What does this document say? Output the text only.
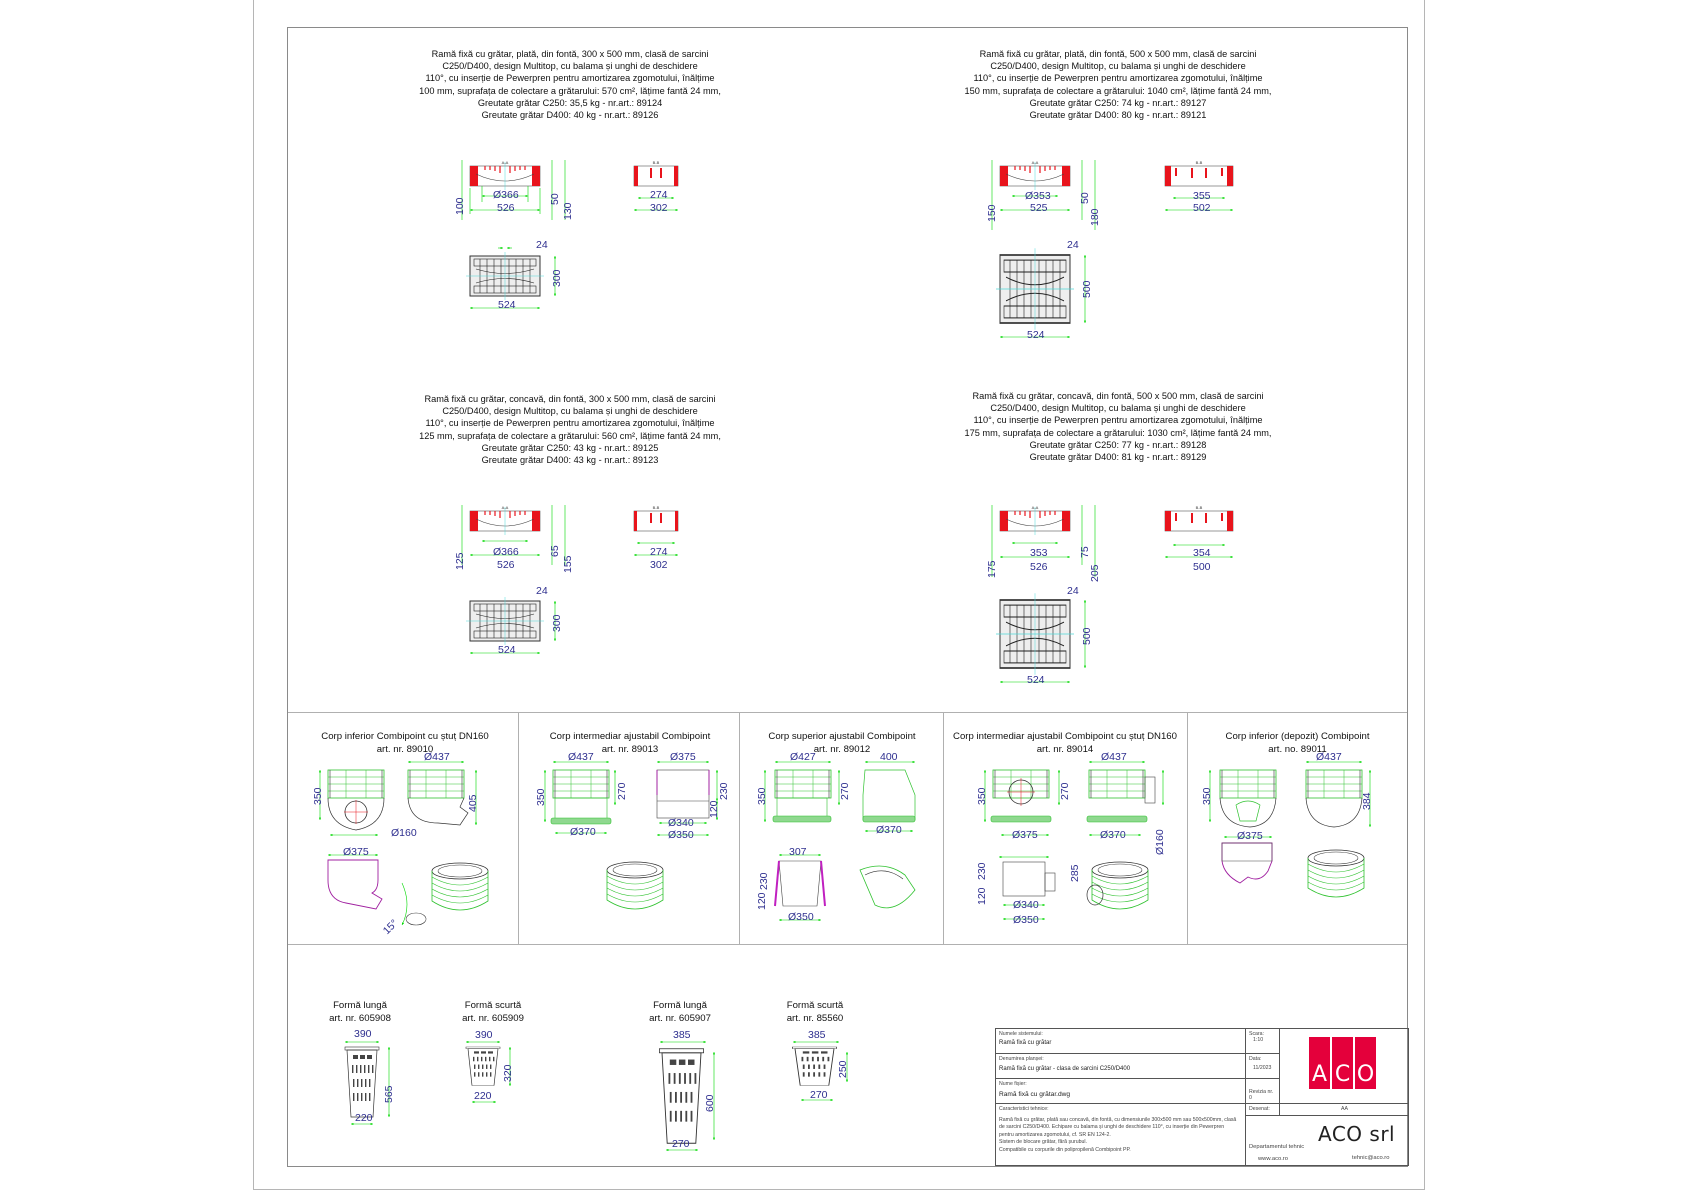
Ramă fixă cu grătar, plată, din fontă, 300 x 500 mm, clasă de sarcini
C250/D400, design Multitop, cu balama și unghi de deschidere
110°, cu inserție de Pewerpren pentru amortizarea zgomotului, înălțime
100 mm, suprafața de colectare a grătarului: 570 cm², lățime fantă 24 mm,
Greutate grătar C250: 35,5 kg - nr.art.: 89124
Greutate grătar D400: 40 kg - nr.art.: 89126
Ramă fixă cu grătar, plată, din fontă, 500 x 500 mm, clasă de sarcini
C250/D400, design Multitop, cu balama și unghi de deschidere
110°, cu inserție de Pewerpren pentru amortizarea zgomotului, înălțime
150 mm, suprafața de colectare a grătarului: 1040 cm², lățime fantă 24 mm,
Greutate grătar C250: 74 kg - nr.art.: 89127
Greutate grătar D400: 80 kg - nr.art.: 89121
Ramă fixă cu grătar, concavă, din fontă, 300 x 500 mm, clasă de sarcini
C250/D400, design Multitop, cu balama și unghi de deschidere
110°, cu inserție de Pewerpren pentru amortizarea zgomotului, înălțime
125 mm, suprafața de colectare a grătarului: 560 cm², lățime fantă 24 mm,
Greutate grătar C250: 43 kg - nr.art.: 89125
Greutate grătar D400: 43 kg - nr.art.: 89123
Ramă fixă cu grătar, concavă, din fontă, 500 x 500 mm, clasă de sarcini
C250/D400, design Multitop, cu balama și unghi de deschidere
110°, cu inserție de Pewerpren pentru amortizarea zgomotului, înălțime
175 mm, suprafața de colectare a grătarului: 1030 cm², lățime fantă 24 mm,
Greutate grătar C250: 77 kg - nr.art.: 89128
Greutate grătar D400: 81 kg - nr.art.: 89129
A-A
Ø366
526
100	50
130
B-B
274
302
24
300
524
A-A
Ø353
525
150
50
180
B-B
355
502
24
500
524
A-A
Ø366
526
125
65
155
B-B
274
302
24
300
524
A-A
353
526
175
75
205
B-B
354
500
24
500
524
Corp inferior Combipoint cu ștuț DN160
art. nr. 89010
Corp intermediar ajustabil Combipoint
art. nr. 89013
Corp superior ajustabil Combipoint
art. nr. 89012
Corp intermediar ajustabil Combipoint cu ștuț DN160
art. nr. 89014
Corp inferior (depozit) Combipoint
art. no. 89011
Ø437
350	405
Ø160
Ø375
15°
Ø437
350	270
Ø370
Ø375
230
120
Ø340
Ø350
Ø427	400
350	270
Ø370
307
230
120
Ø350
Ø437
350	270
Ø375	Ø370	Ø160
230
120
285
Ø340
Ø350
Ø437
350	384
Ø375
Formă lungă
art. nr. 605908
390
565
220
Formă scurtă
art. nr. 605909
390
320
220
Formă lungă
art. nr. 605907
385
600
270
Formă scurtă
art. nr. 85560
385
250
270
Numele sistemului:
Ramă fixă cu grătar
Denumirea planșei:
Ramă fixă cu grătar - clasa de sarcini C250/D400
Nume fișier:
Ramă fixă cu grătar.dwg
Caracteristici tehnice:
Ramă fixă cu grătar, plată sau concavă, din fontă, cu dimensiunile 300x500 mm sau 500x500mm, clasă
de sarcini C250/D400. Echipare cu balama și unghi de deschidere 110°, cu inserție din Pewerpren
pentru amortizarea zgomotului, cf. SR EN 124-2.
Sistem de blocare grătar, fără șurubul.
Compatibile cu corpurile din polipropilenă Combipoint PP.
Scara:
1:10
Data:
11/2023
Revizia nr. 0
A C O
Desenat:	AA
ACO srl
Departamentul tehnic
www.aco.ro	tehnic@aco.ro
